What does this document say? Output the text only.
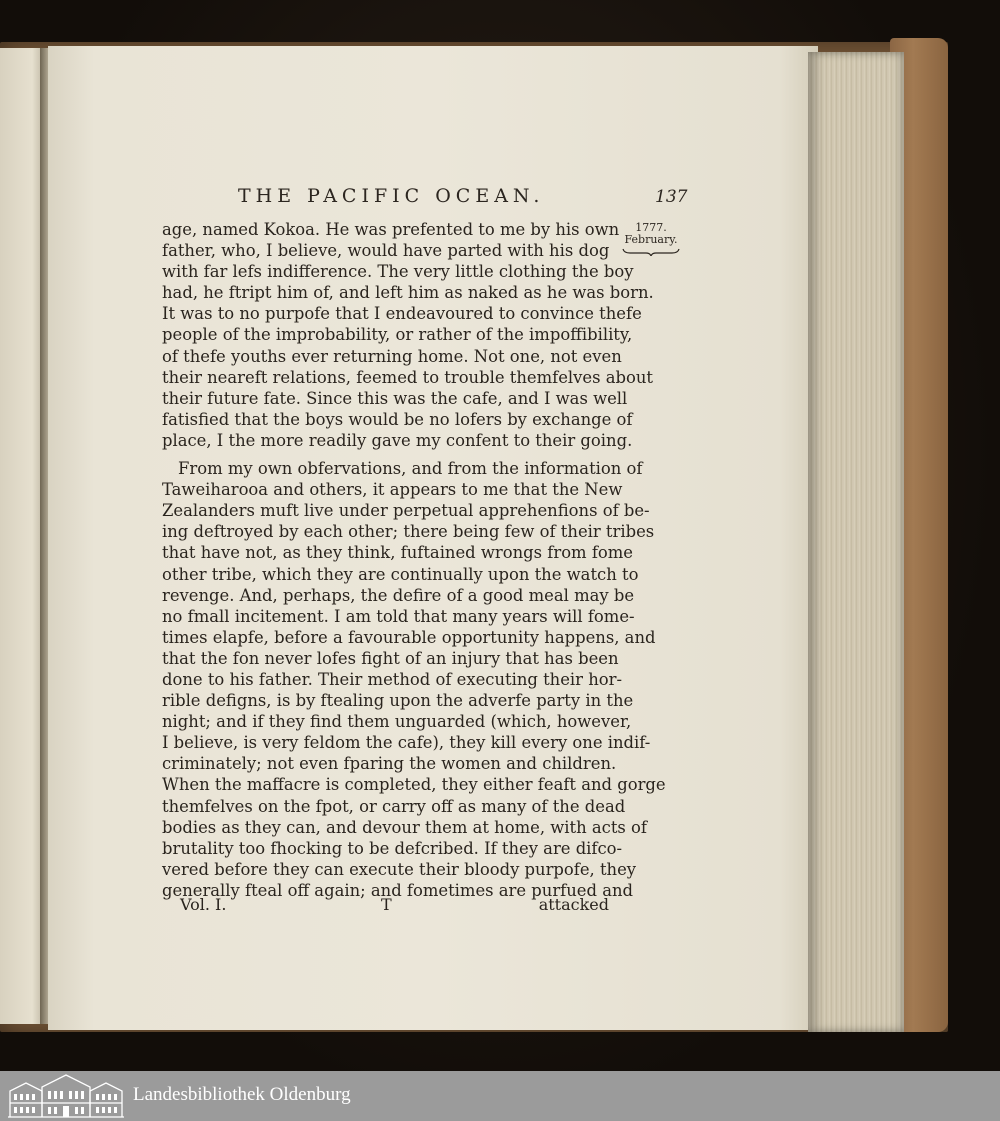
THE PACIFIC OCEAN.	137
1777.
February.

age, named Kokoa. He was prefented to me by his own

father, who, I believe, would have parted with his dog

with far lefs indifference. The very little clothing the boy

had, he ftript him of, and left him as naked as he was born.

It was to no purpofe that I endeavoured to convince thefe

people of the improbability, or rather of the impoffibility,

of thefe youths ever returning home. Not one, not even

their neareft relations, feemed to trouble themfelves about

their future fate. Since this was the cafe, and I was well

fatisfied that the boys would be no lofers by exchange of

place, I the more readily gave my confent to their going.

From my own obfervations, and from the information of

Taweiharooa and others, it appears to me that the New

Zealanders muft live under perpetual apprehenfions of be-

ing deftroyed by each other; there being few of their tribes

that have not, as they think, fuftained wrongs from fome

other tribe, which they are continually upon the watch to

revenge. And, perhaps, the defire of a good meal may be

no fmall incitement. I am told that many years will fome-

times elapfe, before a favourable opportunity happens, and

that the fon never lofes fight of an injury that has been

done to his father. Their method of executing their hor-

rible defigns, is by ftealing upon the adverfe party in the

night; and if they find them unguarded (which, however,

I believe, is very feldom the cafe), they kill every one indif-

criminately; not even fparing the women and children.

When the maffacre is completed, they either feaft and gorge

themfelves on the fpot, or carry off as many of the dead

bodies as they can, and devour them at home, with acts of

brutality too fhocking to be defcribed. If they are difco-

vered before they can execute their bloody purpofe, they

generally fteal off again; and fometimes are purfued and

Vol. I.	T	attacked
Landesbibliothek Oldenburg
